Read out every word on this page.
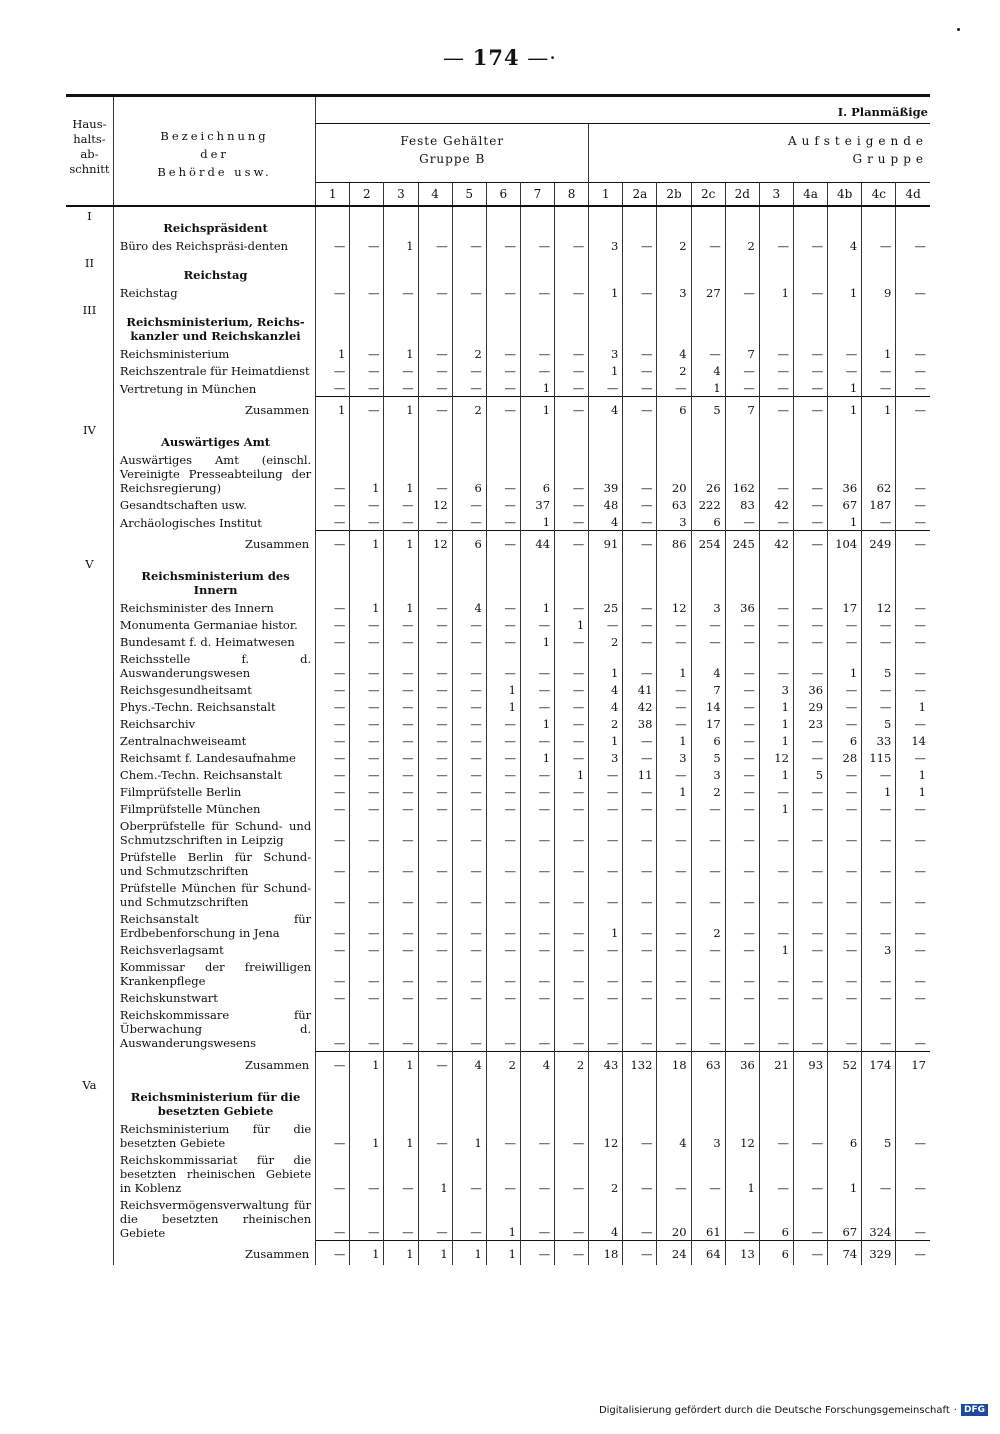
— 174 —·
Haus-
halts-
ab-
schnitt	Bezeichnung
der
Behörde usw.	I. Planmäßige																	
		Feste Gehälter
Gruppe B								Aufsteigende
Gruppe									
		1	2	3	4	5	6	7	8	1	2a	2b	2c	2d	3	4a	4b	4c	4d
I	Reichspräsident																		
	Büro des Reichspräsi-denten	—	—	1	—	—	—	—	—	3	—	2	—	2	—	—	4	—	—
II	Reichstag																		
	Reichstag	—	—	—	—	—	—	—	—	1	—	3	27	—	1	—	1	9	—
III	Reichsministerium, Reichs-kanzler und Reichskanzlei																		
	Reichsministerium	1	—	1	—	2	—	—	—	3	—	4	—	7	—	—	—	1	—
	Reichszentrale für Heimatdienst	—	—	—	—	—	—	—	—	1	—	2	4	—	—	—	—	—	—
	Vertretung in München	—	—	—	—	—	—	1	—	—	—	—	1	—	—	—	1	—	—
	Zusammen	1	—	1	—	2	—	1	—	4	—	6	5	7	—	—	1	1	—
IV	Auswärtiges Amt																		
	Auswärtiges Amt (einschl. Vereinigte Presseabteilung der Reichsregierung)	—	1	1	—	6	—	6	—	39	—	20	26	162	—	—	36	62	—
	Gesandtschaften usw.	—	—	—	12	—	—	37	—	48	—	63	222	83	42	—	67	187	—
	Archäologisches Institut	—	—	—	—	—	—	1	—	4	—	3	6	—	—	—	1	—	—
	Zusammen	—	1	1	12	6	—	44	—	91	—	86	254	245	42	—	104	249	—
V	Reichsministerium des Innern																		
	Reichsminister des Innern	—	1	1	—	4	—	1	—	25	—	12	3	36	—	—	17	12	—
	Monumenta Germaniae histor.	—	—	—	—	—	—	—	1	—	—	—	—	—	—	—	—	—	—
	Bundesamt f. d. Heimatwesen	—	—	—	—	—	—	1	—	2	—	—	—	—	—	—	—	—	—
	Reichsstelle f. d. Auswanderungswesen	—	—	—	—	—	—	—	—	1	—	1	4	—	—	—	1	5	—
	Reichsgesundheitsamt	—	—	—	—	—	1	—	—	4	41	—	7	—	3	36	—	—	—
	Phys.-Techn. Reichsanstalt	—	—	—	—	—	1	—	—	4	42	—	14	—	1	29	—	—	1
	Reichsarchiv	—	—	—	—	—	—	1	—	2	38	—	17	—	1	23	—	5	—
	Zentralnachweiseamt	—	—	—	—	—	—	—	—	1	—	1	6	—	1	—	6	33	14
	Reichsamt f. Landesaufnahme	—	—	—	—	—	—	1	—	3	—	3	5	—	12	—	28	115	—
	Chem.-Techn. Reichsanstalt	—	—	—	—	—	—	—	1	—	11	—	3	—	1	5	—	—	1
	Filmprüfstelle Berlin	—	—	—	—	—	—	—	—	—	—	1	2	—	—	—	—	1	1
	Filmprüfstelle München	—	—	—	—	—	—	—	—	—	—	—	—	—	1	—	—	—	—
	Oberprüfstelle für Schund- und Schmutzschriften in Leipzig	—	—	—	—	—	—	—	—	—	—	—	—	—	—	—	—	—	—
	Prüfstelle Berlin für Schund- und Schmutzschriften	—	—	—	—	—	—	—	—	—	—	—	—	—	—	—	—	—	—
	Prüfstelle München für Schund- und Schmutzschriften	—	—	—	—	—	—	—	—	—	—	—	—	—	—	—	—	—	—
	Reichsanstalt für Erdbebenforschung in Jena	—	—	—	—	—	—	—	—	1	—	—	2	—	—	—	—	—	—
	Reichsverlagsamt	—	—	—	—	—	—	—	—	—	—	—	—	—	1	—	—	3	—
	Kommissar der freiwilligen Krankenpflege	—	—	—	—	—	—	—	—	—	—	—	—	—	—	—	—	—	—
	Reichskunstwart	—	—	—	—	—	—	—	—	—	—	—	—	—	—	—	—	—	—
	Reichskommissare für Überwachung d. Auswanderungswesens	—	—	—	—	—	—	—	—	—	—	—	—	—	—	—	—	—	—
	Zusammen	—	1	1	—	4	2	4	2	43	132	18	63	36	21	93	52	174	17
Va	Reichsministerium für die besetzten Gebiete																		
	Reichsministerium für die besetzten Gebiete	—	1	1	—	1	—	—	—	12	—	4	3	12	—	—	6	5	—
	Reichskommissariat für die besetzten rheinischen Gebiete in Koblenz	—	—	—	1	—	—	—	—	2	—	—	—	1	—	—	1	—	—
	Reichsvermögensverwaltung für die besetzten rheinischen Gebiete	—	—	—	—	—	1	—	—	4	—	20	61	—	6	—	67	324	—
	Zusammen	—	1	1	1	1	1	—	—	18	—	24	64	13	6	—	74	329	—
Digitalisierung gefördert durch die Deutsche Forschungsgemeinschaft · DFG
